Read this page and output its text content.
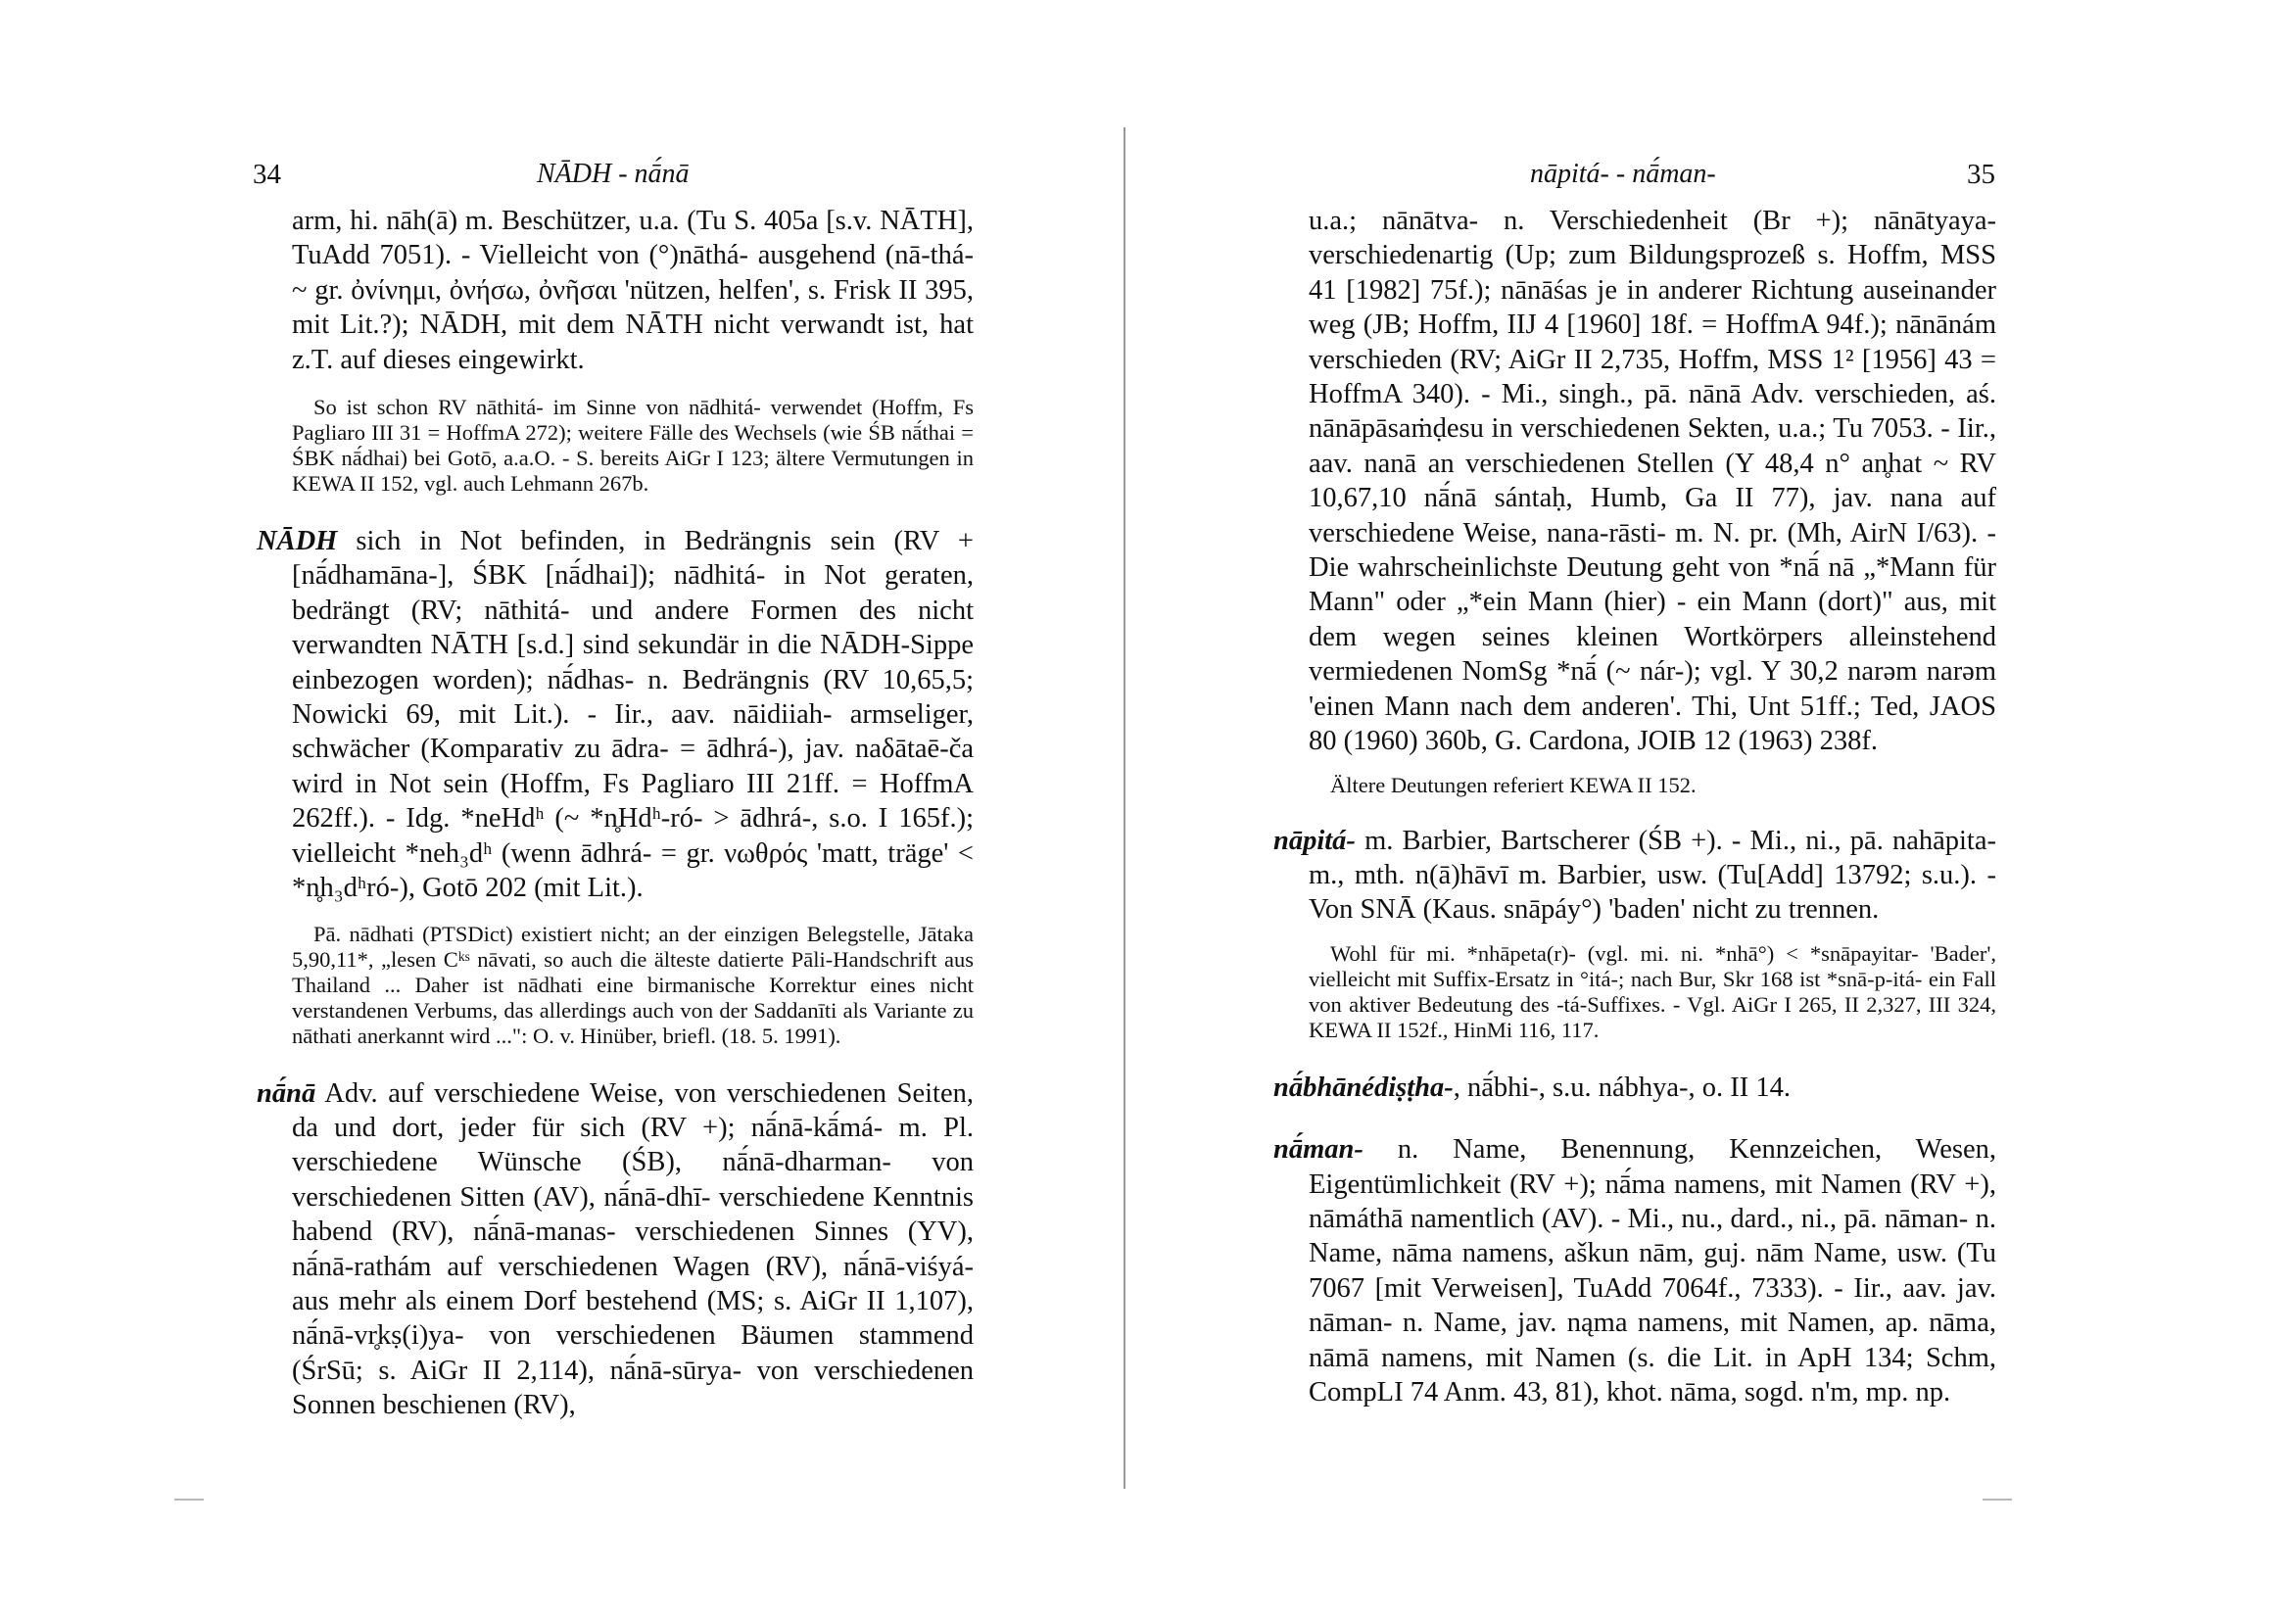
34	NĀDH - nā́nā

arm, hi. nāh(ā) m. Beschützer, u.a. (Tu S. 405a [s.v. NĀTH], TuAdd 7051). - Vielleicht von (°)nāthá- ausgehend (nā-thá- ~ gr. ὀνίνημι, ὀνήσω, ὀνῆσαι 'nützen, helfen', s. Frisk II 395, mit Lit.?); NĀDH, mit dem NĀTH nicht verwandt ist, hat z.T. auf dieses eingewirkt.

So ist schon RV nāthitá- im Sinne von nādhitá- verwendet (Hoffm, Fs Pagliaro III 31 = HoffmA 272); weitere Fälle des Wechsels (wie ŚB nā́thai = ŚBK nā́dhai) bei Gotō, a.a.O. - S. bereits AiGr I 123; ältere Vermutungen in KEWA II 152, vgl. auch Lehmann 267b.

NĀDH sich in Not befinden, in Bedrängnis sein (RV + [nā́dhamāna-], ŚBK [nā́dhai]); nādhitá- in Not geraten, bedrängt (RV; nāthitá- und andere Formen des nicht verwandten NĀTH [s.d.] sind sekundär in die NĀDH-Sippe einbezogen worden); nā́dhas- n. Bedrängnis (RV 10,65,5; Nowicki 69, mit Lit.). - Iir., aav. nāidiiah- armseliger, schwächer (Komparativ zu ādra- = ādhrá-), jav. naδātaē-ča wird in Not sein (Hoffm, Fs Pagliaro III 21ff. = HoffmA 262ff.). - Idg. *neHdʰ (~ *n̥Hdʰ-ró- > ādhrá-, s.o. I 165f.); vielleicht *neh₃dʰ (wenn ādhrá- = gr. νωθρός 'matt, träge' < *n̥h₃dʰró-), Gotō 202 (mit Lit.).

Pā. nādhati (PTSDict) existiert nicht; an der einzigen Belegstelle, Jātaka 5,90,11*, „lesen Cᵏˢ nāvati, so auch die älteste datierte Pāli-Handschrift aus Thailand ... Daher ist nādhati eine birmanische Korrektur eines nicht verstandenen Verbums, das allerdings auch von der Saddanīti als Variante zu nāthati anerkannt wird ...": O. v. Hinüber, briefl. (18. 5. 1991).

nā́nā Adv. auf verschiedene Weise, von verschiedenen Seiten, da und dort, jeder für sich (RV +); nā́nā-kā́má- m. Pl. verschiedene Wünsche (ŚB), nā́nā-dharman- von verschiedenen Sitten (AV), nā́nā-dhī- verschiedene Kenntnis habend (RV), nā́nā-manas- verschiedenen Sinnes (YV), nā́nā-rathám auf verschiedenen Wagen (RV), nā́nā-viśyá- aus mehr als einem Dorf bestehend (MS; s. AiGr II 1,107), nā́nā-vr̥kṣ(i)ya- von verschiedenen Bäumen stammend (ŚrSū; s. AiGr II 2,114), nā́nā-sūrya- von verschiedenen Sonnen beschienen (RV),

nāpitá- - nā́man-	35

u.a.; nānātva- n. Verschiedenheit (Br +); nānātyaya- verschiedenartig (Up; zum Bildungsprozeß s. Hoffm, MSS 41 [1982] 75f.); nānāśas je in anderer Richtung auseinander weg (JB; Hoffm, IIJ 4 [1960] 18f. = HoffmA 94f.); nānānám verschieden (RV; AiGr II 2,735, Hoffm, MSS 1² [1956] 43 = HoffmA 340). - Mi., singh., pā. nānā Adv. verschieden, aś. nānāpāsaṁḍesu in verschiedenen Sekten, u.a.; Tu 7053. - Iir., aav. nanā an verschiedenen Stellen (Y 48,4 n° an̥hat ~ RV 10,67,10 nā́nā sántaḥ, Humb, Ga II 77), jav. nana auf verschiedene Weise, nana-rāsti- m. N. pr. (Mh, AirN I/63). - Die wahrscheinlichste Deutung geht von *nā́ nā „*Mann für Mann" oder „*ein Mann (hier) - ein Mann (dort)" aus, mit dem wegen seines kleinen Wortkörpers alleinstehend vermiedenen NomSg *nā́ (~ nár-); vgl. Y 30,2 narəm narəm 'einen Mann nach dem anderen'. Thi, Unt 51ff.; Ted, JAOS 80 (1960) 360b, G. Cardona, JOIB 12 (1963) 238f.

Ältere Deutungen referiert KEWA II 152.

nāpitá- m. Barbier, Bartscherer (ŚB +). - Mi., ni., pā. nahāpita- m., mth. n(ā)hāvī m. Barbier, usw. (Tu[Add] 13792; s.u.). - Von SNĀ (Kaus. snāpáy°) 'baden' nicht zu trennen.

Wohl für mi. *nhāpeta(r)- (vgl. mi. ni. *nhā°) < *snāpayitar- 'Bader', vielleicht mit Suffix-Ersatz in °itá-; nach Bur, Skr 168 ist *snā-p-itá- ein Fall von aktiver Bedeutung des -tá-Suffixes. - Vgl. AiGr I 265, II 2,327, III 324, KEWA II 152f., HinMi 116, 117.

nā́bhānédiṣṭha-, nā́bhi-, s.u. nábhya-, o. II 14.

nā́man- n. Name, Benennung, Kennzeichen, Wesen, Eigentümlichkeit (RV +); nā́ma namens, mit Namen (RV +), nāmáthā namentlich (AV). - Mi., nu., dard., ni., pā. nāman- n. Name, nāma namens, aškun nām, guj. nām Name, usw. (Tu 7067 [mit Verweisen], TuAdd 7064f., 7333). - Iir., aav. jav. nāman- n. Name, jav. nąma namens, mit Namen, ap. nāma, nāmā namens, mit Namen (s. die Lit. in ApH 134; Schm, CompLI 74 Anm. 43, 81), khot. nāma, sogd. n'm, mp. np.
